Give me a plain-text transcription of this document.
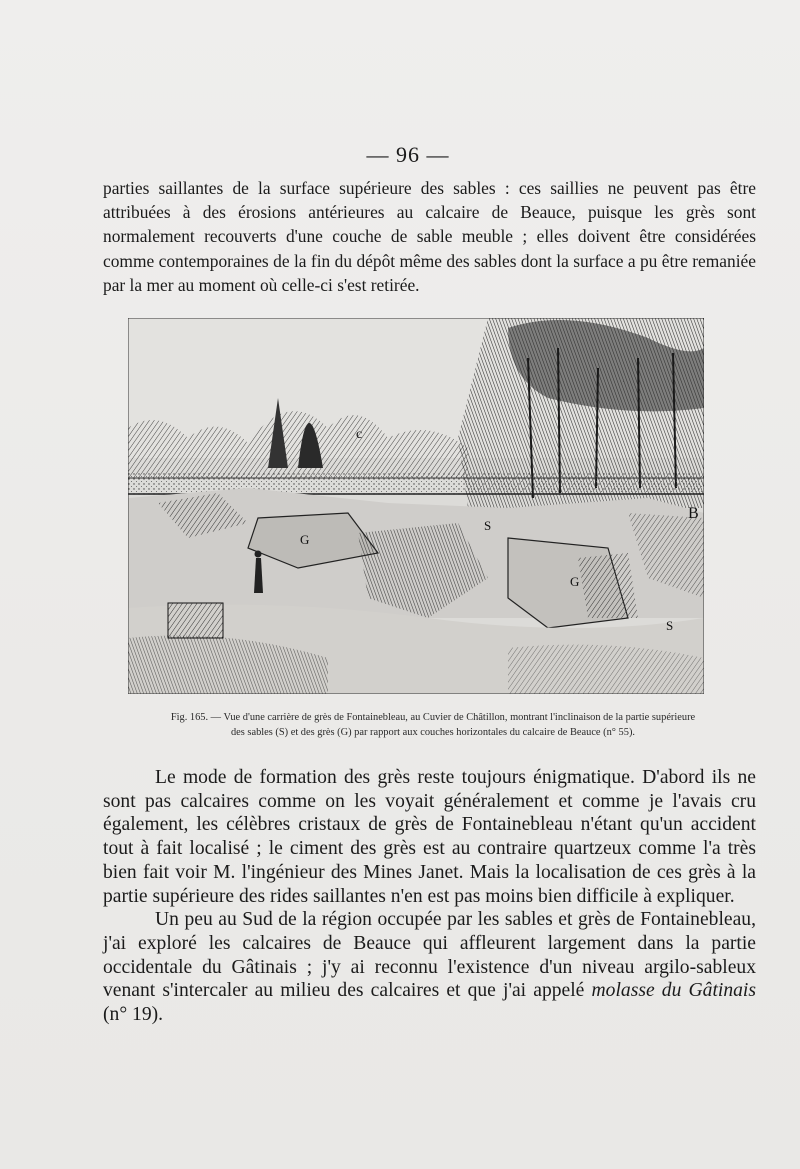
— 96 —
parties saillantes de la surface supérieure des sables : ces saillies ne peuvent pas être attribuées à des érosions antérieures au calcaire de Beauce, puisque les grès sont normalement recouverts d'une couche de sable meuble ; elles doivent être considérées comme contemporaines de la fin du dépôt même des sables dont la surface a pu être remaniée par la mer au moment où celle-ci s'est retirée.
c
B
G
G
S
S
Fig. 165. — Vue d'une carrière de grès de Fontainebleau, au Cuvier de Châtillon, montrant l'inclinaison de la partie supérieure
des sables (S) et des grès (G) par rapport aux couches horizontales du calcaire de Beauce (n° 55).

Le mode de formation des grès reste toujours énigmatique. D'abord ils ne sont pas calcaires comme on les voyait généralement et comme je l'avais cru également, les célèbres cristaux de grès de Fontainebleau n'étant qu'un accident tout à fait localisé ; le ciment des grès est au contraire quartzeux comme l'a très bien fait voir M. l'ingénieur des Mines Janet. Mais la localisation de ces grès à la partie supérieure des rides saillantes n'en est pas moins bien difficile à expliquer.

Un peu au Sud de la région occupée par les sables et grès de Fontainebleau, j'ai exploré les calcaires de Beauce qui affleurent largement dans la partie occidentale du Gâtinais ; j'y ai reconnu l'existence d'un niveau argilo-sableux venant s'intercaler au milieu des calcaires et que j'ai appelé molasse du Gâtinais (n° 19).
